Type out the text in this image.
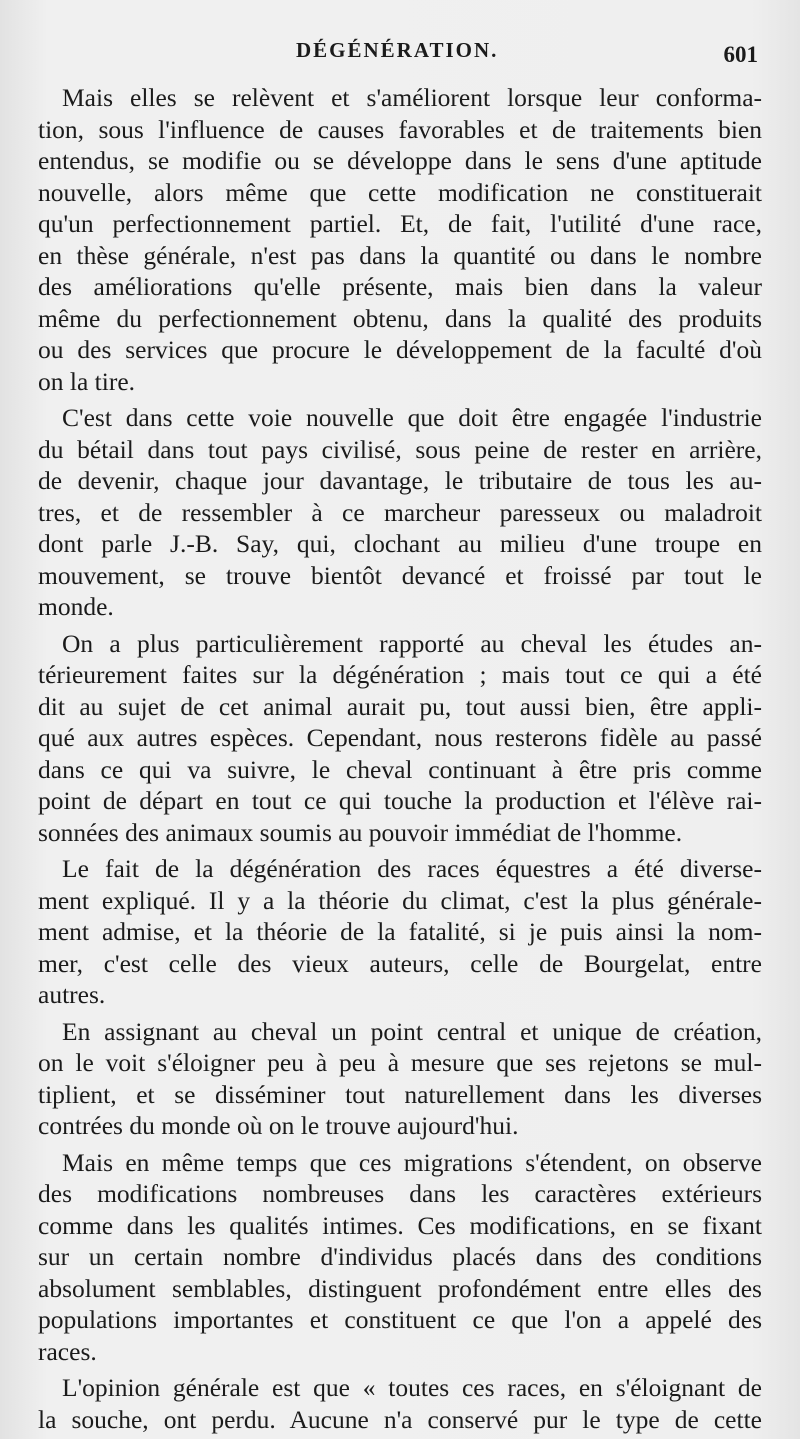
DÉGÉNÉRATION.	601

Mais elles se relèvent et s'améliorent lorsque leur conforma-
tion, sous l'influence de causes favorables et de traitements bien
entendus, se modifie ou se développe dans le sens d'une aptitude
nouvelle, alors même que cette modification ne constituerait
qu'un perfectionnement partiel. Et, de fait, l'utilité d'une race,
en thèse générale, n'est pas dans la quantité ou dans le nombre
des améliorations qu'elle présente, mais bien dans la valeur
même du perfectionnement obtenu, dans la qualité des produits
ou des services que procure le développement de la faculté d'où
on la tire.

C'est dans cette voie nouvelle que doit être engagée l'industrie
du bétail dans tout pays civilisé, sous peine de rester en arrière,
de devenir, chaque jour davantage, le tributaire de tous les au-
tres, et de ressembler à ce marcheur paresseux ou maladroit
dont parle J.-B. Say, qui, clochant au milieu d'une troupe en
mouvement, se trouve bientôt devancé et froissé par tout le
monde.

On a plus particulièrement rapporté au cheval les études an-
térieurement faites sur la dégénération ; mais tout ce qui a été
dit au sujet de cet animal aurait pu, tout aussi bien, être appli-
qué aux autres espèces. Cependant, nous resterons fidèle au passé
dans ce qui va suivre, le cheval continuant à être pris comme
point de départ en tout ce qui touche la production et l'élève rai-
sonnées des animaux soumis au pouvoir immédiat de l'homme.

Le fait de la dégénération des races équestres a été diverse-
ment expliqué. Il y a la théorie du climat, c'est la plus générale-
ment admise, et la théorie de la fatalité, si je puis ainsi la nom-
mer, c'est celle des vieux auteurs, celle de Bourgelat, entre
autres.

En assignant au cheval un point central et unique de création,
on le voit s'éloigner peu à peu à mesure que ses rejetons se mul-
tiplient, et se disséminer tout naturellement dans les diverses
contrées du monde où on le trouve aujourd'hui.

Mais en même temps que ces migrations s'étendent, on observe
des modifications nombreuses dans les caractères extérieurs
comme dans les qualités intimes. Ces modifications, en se fixant
sur un certain nombre d'individus placés dans des conditions
absolument semblables, distinguent profondément entre elles des
populations importantes et constituent ce que l'on a appelé des
races.

L'opinion générale est que « toutes ces races, en s'éloignant de
la souche, ont perdu. Aucune n'a conservé pur le type de cette
